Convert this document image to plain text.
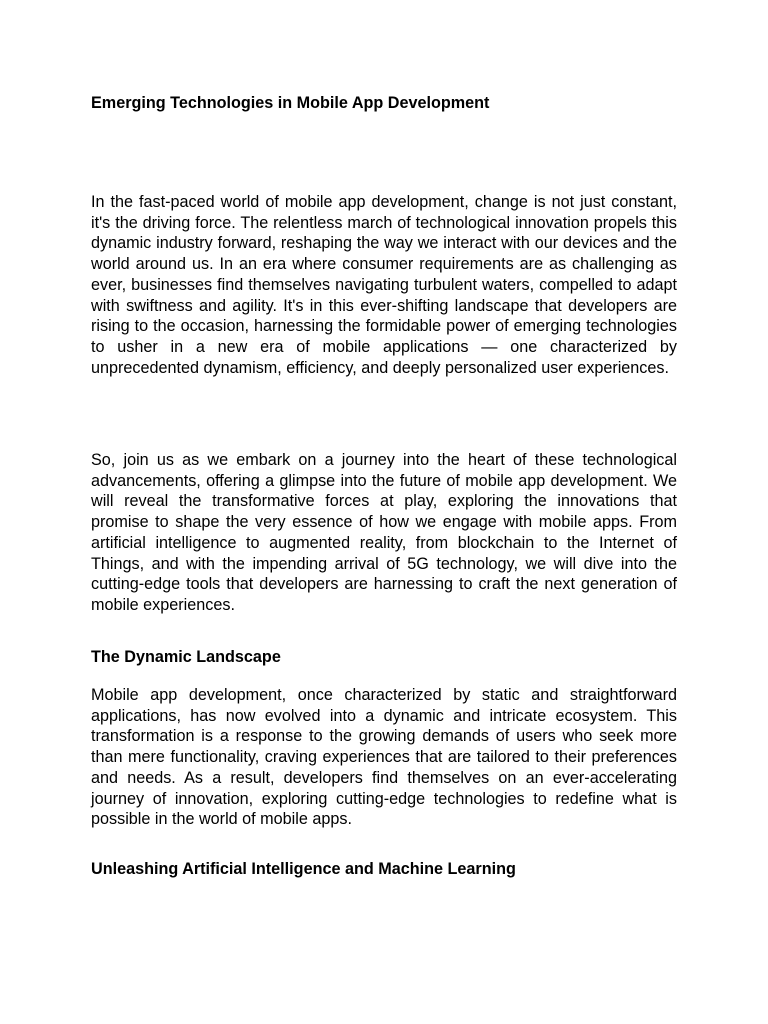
Emerging Technologies in Mobile App Development

In the fast-paced world of mobile app development, change is not just constant, it's the driving force. The relentless march of technological innovation propels this dynamic industry forward, reshaping the way we interact with our devices and the world around us. In an era where consumer requirements are as challenging as ever, businesses find themselves navigating turbulent waters, compelled to adapt with swiftness and agility. It's in this ever-shifting landscape that developers are rising to the occasion, harnessing the formidable power of emerging technologies to usher in a new era of mobile applications — one characterized by unprecedented dynamism, efficiency, and deeply personalized user experiences.

So, join us as we embark on a journey into the heart of these technological advancements, offering a glimpse into the future of mobile app development. We will reveal the transformative forces at play, exploring the innovations that promise to shape the very essence of how we engage with mobile apps. From artificial intelligence to augmented reality, from blockchain to the Internet of Things, and with the impending arrival of 5G technology, we will dive into the cutting-edge tools that developers are harnessing to craft the next generation of mobile experiences.

The Dynamic Landscape

Mobile app development, once characterized by static and straightforward applications, has now evolved into a dynamic and intricate ecosystem. This transformation is a response to the growing demands of users who seek more than mere functionality, craving experiences that are tailored to their preferences and needs. As a result, developers find themselves on an ever-accelerating journey of innovation, exploring cutting-edge technologies to redefine what is possible in the world of mobile apps.

Unleashing Artificial Intelligence and Machine Learning
